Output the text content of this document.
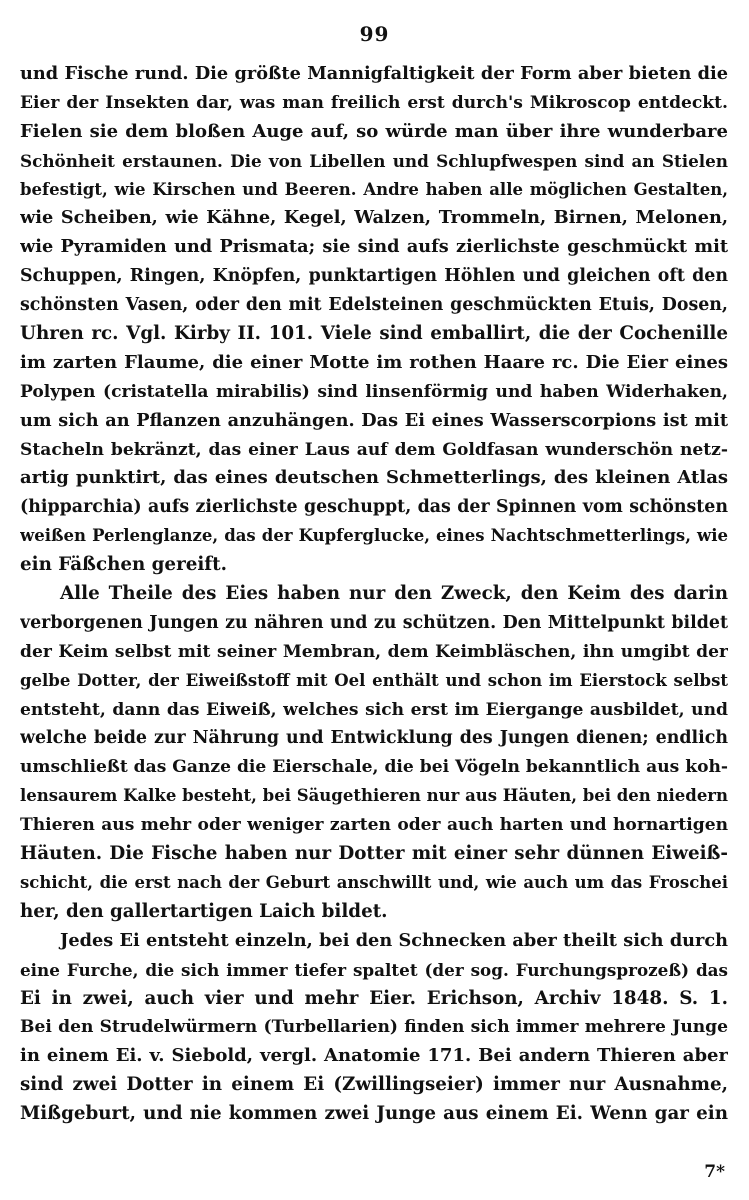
99
und Fische rund. Die größte Mannigfaltigkeit der Form aber bieten die
Eier der Insekten dar, was man freilich erst durch's Mikroscop entdeckt.
Fielen sie dem bloßen Auge auf, so würde man über ihre wunderbare
Schönheit erstaunen. Die von Libellen und Schlupfwespen sind an Stielen
befestigt, wie Kirschen und Beeren. Andre haben alle möglichen Gestalten,
wie Scheiben, wie Kähne, Kegel, Walzen, Trommeln, Birnen, Melonen,
wie Pyramiden und Prismata; sie sind aufs zierlichste geschmückt mit
Schuppen, Ringen, Knöpfen, punktartigen Höhlen und gleichen oft den
schönsten Vasen, oder den mit Edelsteinen geschmückten Etuis, Dosen,
Uhren rc. Vgl. Kirby II. 101. Viele sind emballirt, die der Cochenille
im zarten Flaume, die einer Motte im rothen Haare rc. Die Eier eines
Polypen (cristatella mirabilis) sind linsenförmig und haben Widerhaken,
um sich an Pflanzen anzuhängen. Das Ei eines Wasserscorpions ist mit
Stacheln bekränzt, das einer Laus auf dem Goldfasan wunderschön netz-
artig punktirt, das eines deutschen Schmetterlings, des kleinen Atlas
(hipparchia) aufs zierlichste geschuppt, das der Spinnen vom schönsten
weißen Perlenglanze, das der Kupferglucke, eines Nachtschmetterlings, wie
ein Fäßchen gereift.
Alle Theile des Eies haben nur den Zweck, den Keim des darin
verborgenen Jungen zu nähren und zu schützen. Den Mittelpunkt bildet
der Keim selbst mit seiner Membran, dem Keimbläschen, ihn umgibt der
gelbe Dotter, der Eiweißstoff mit Oel enthält und schon im Eierstock selbst
entsteht, dann das Eiweiß, welches sich erst im Eiergange ausbildet, und
welche beide zur Nährung und Entwicklung des Jungen dienen; endlich
umschließt das Ganze die Eierschale, die bei Vögeln bekanntlich aus koh-
lensaurem Kalke besteht, bei Säugethieren nur aus Häuten, bei den niedern
Thieren aus mehr oder weniger zarten oder auch harten und hornartigen
Häuten. Die Fische haben nur Dotter mit einer sehr dünnen Eiweiß-
schicht, die erst nach der Geburt anschwillt und, wie auch um das Froschei
her, den gallertartigen Laich bildet.
Jedes Ei entsteht einzeln, bei den Schnecken aber theilt sich durch
eine Furche, die sich immer tiefer spaltet (der sog. Furchungsprozeß) das
Ei in zwei, auch vier und mehr Eier. Erichson, Archiv 1848. S. 1.
Bei den Strudelwürmern (Turbellarien) finden sich immer mehrere Junge
in einem Ei. v. Siebold, vergl. Anatomie 171. Bei andern Thieren aber
sind zwei Dotter in einem Ei (Zwillingseier) immer nur Ausnahme,
Mißgeburt, und nie kommen zwei Junge aus einem Ei. Wenn gar ein
7*
